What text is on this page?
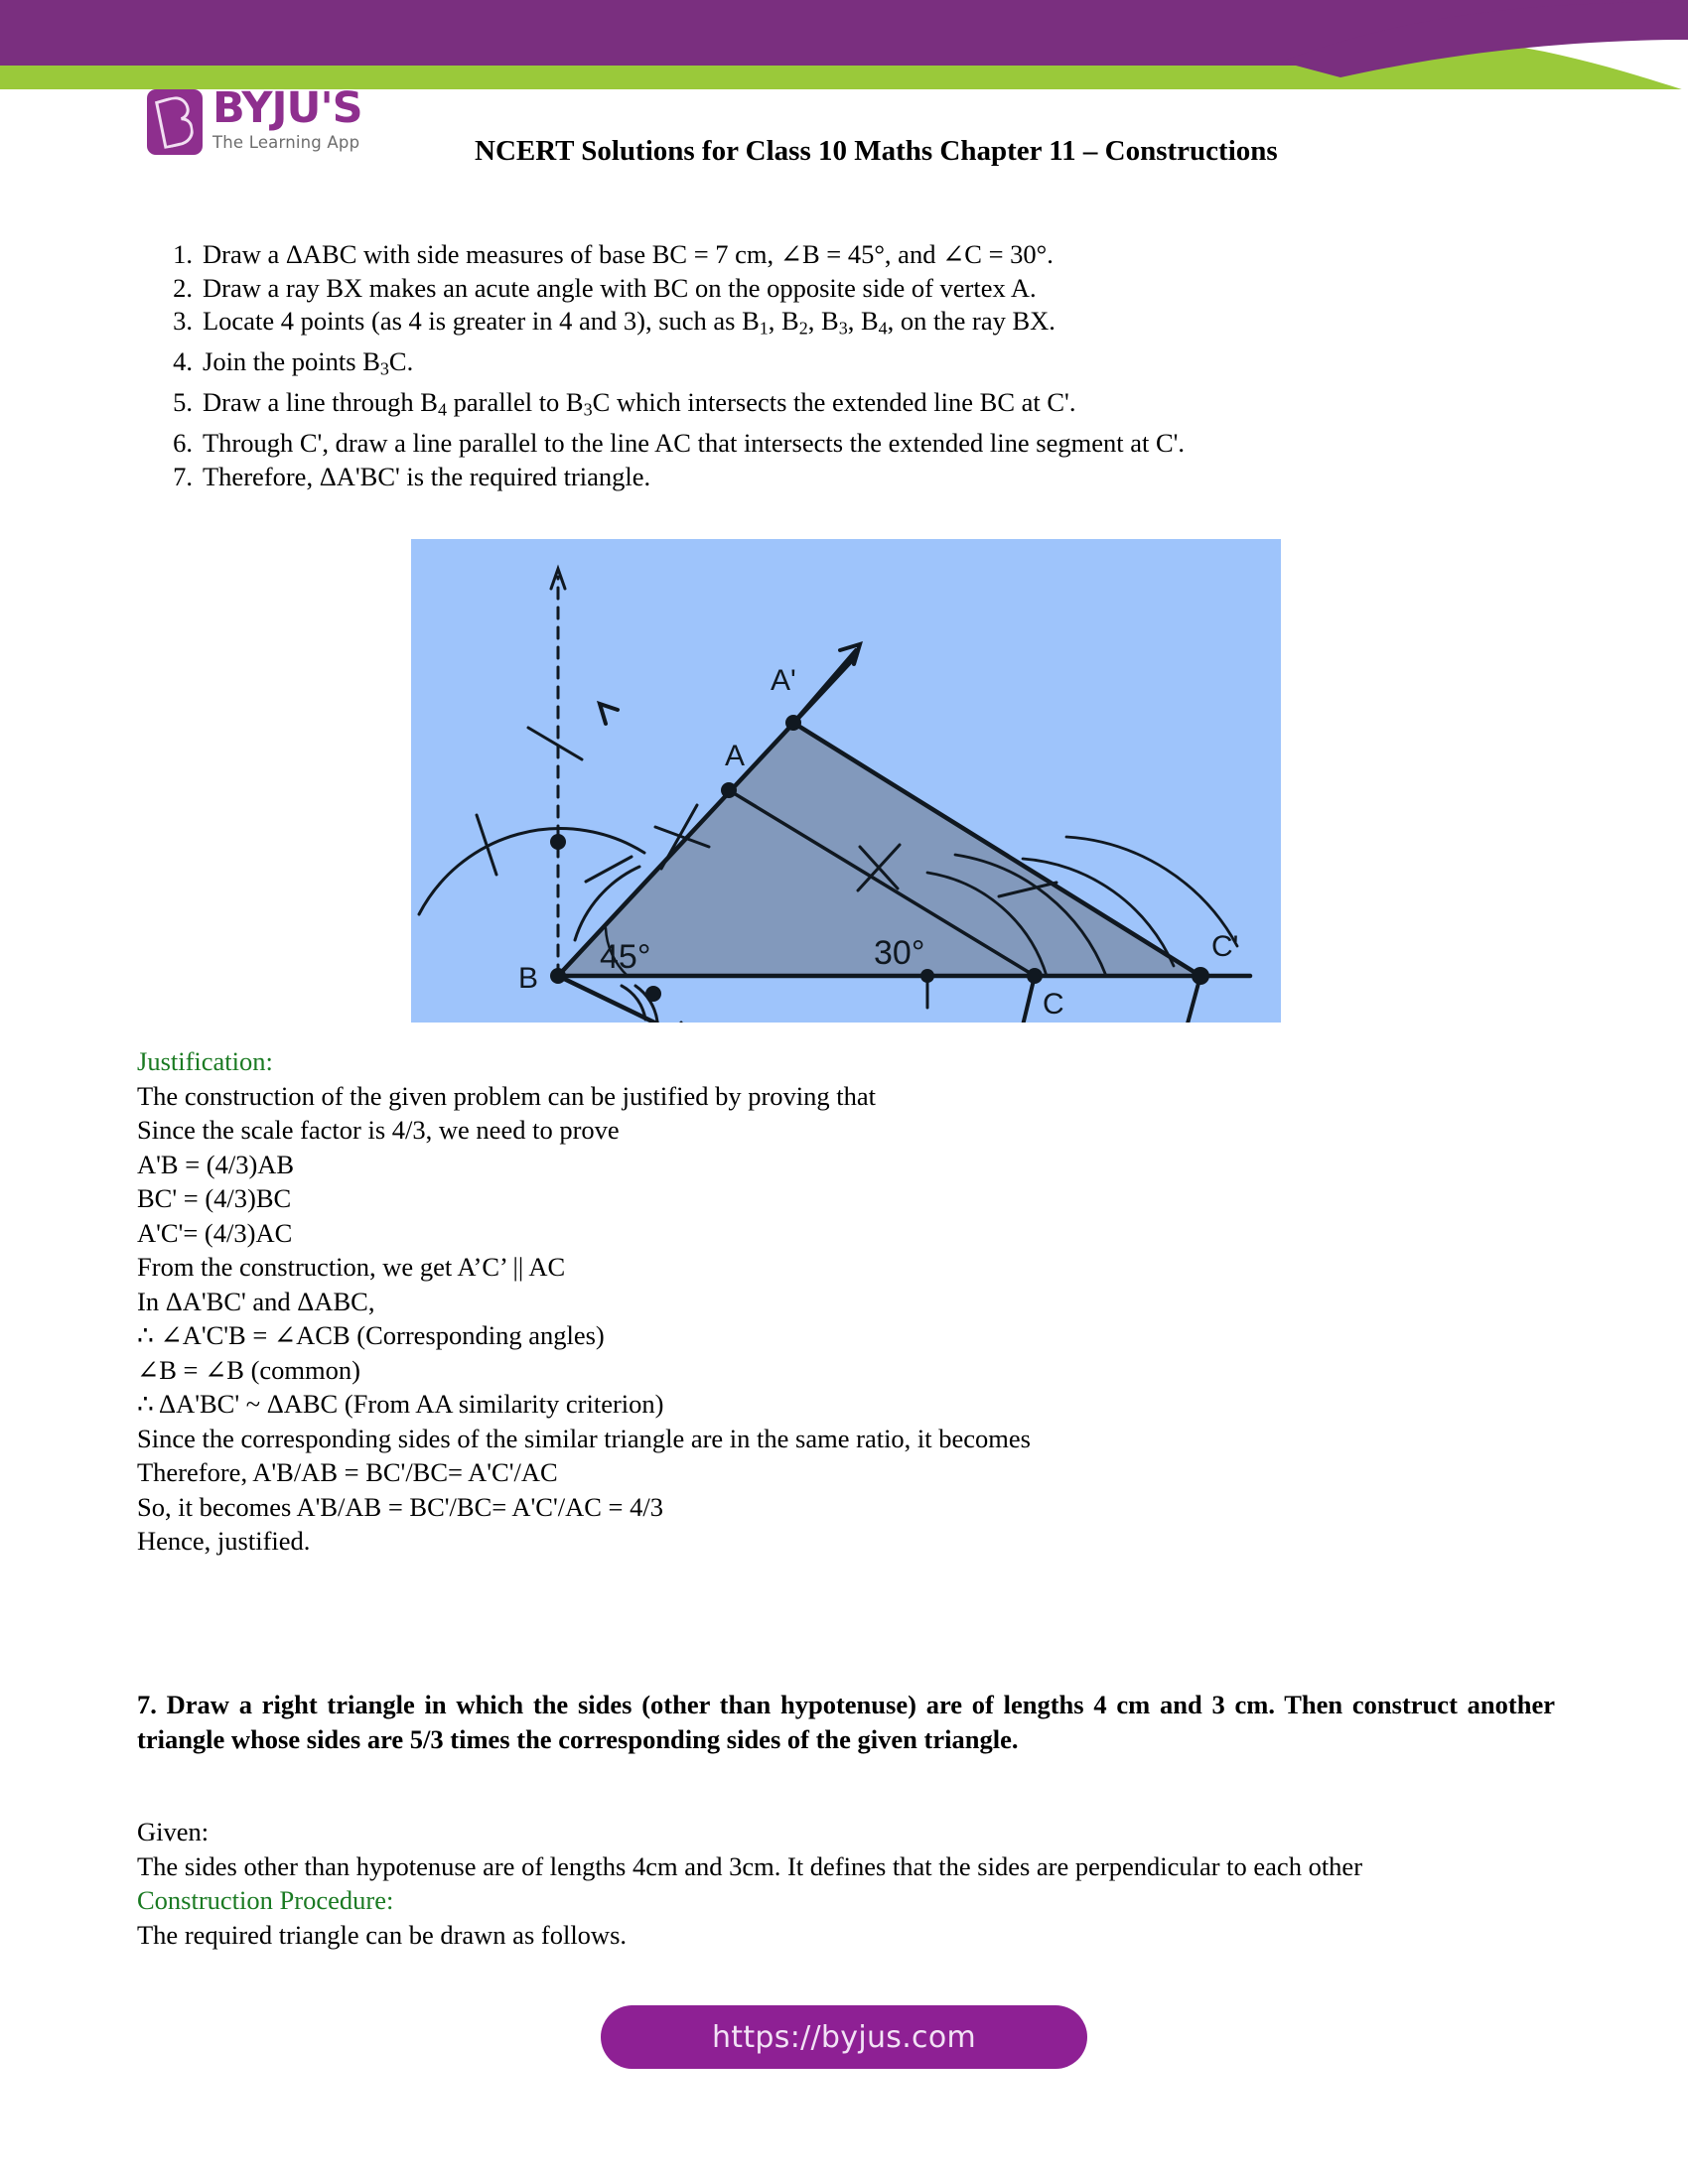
BYJU'S
The Learning App	NCERT Solutions for Class 10 Maths Chapter 11 – Constructions
Draw a ΔABC with side measures of base BC = 7 cm, ∠B = 45°, and ∠C = 30°.
Draw a ray BX makes an acute angle with BC on the opposite side of vertex A.
Locate 4 points (as 4 is greater in 4 and 3), such as $B_1$, $B_2$, $B_3$, $B_4$, on the ray BX.
Join the points $B_3C$.
Draw a line through $B_4$ parallel to $B_3C$ which intersects the extended line BC at C'.
Through C', draw a line parallel to the line AC that intersects the extended line segment at C'.
Therefore, ΔA'BC' is the required triangle.
B
A
A'
C
C'
45°	30°

Justification:

The construction of the given problem can be justified by proving that

Since the scale factor is 4/3, we need to prove

A'B = (4/3)AB

BC' = (4/3)BC

A'C'= (4/3)AC

From the construction, we get A’C’ || AC

In ΔA'BC' and ΔABC,

∴ ∠A'C'B = ∠ACB (Corresponding angles)

∠B = ∠B (common)

∴ ΔA'BC' ~ ΔABC (From AA similarity criterion)

Since the corresponding sides of the similar triangle are in the same ratio, it becomes

Therefore, A'B/AB = BC'/BC= A'C'/AC

So, it becomes A'B/AB = BC'/BC= A'C'/AC = 4/3

Hence, justified.

7. Draw a right triangle in which the sides (other than hypotenuse) are of lengths 4 cm and 3 cm. Then construct another triangle whose sides are 5/3 times the corresponding sides of the given triangle.

Given:

The sides other than hypotenuse are of lengths 4cm and 3cm. It defines that the sides are perpendicular to each other

Construction Procedure:

The required triangle can be drawn as follows.

https://byjus.com
